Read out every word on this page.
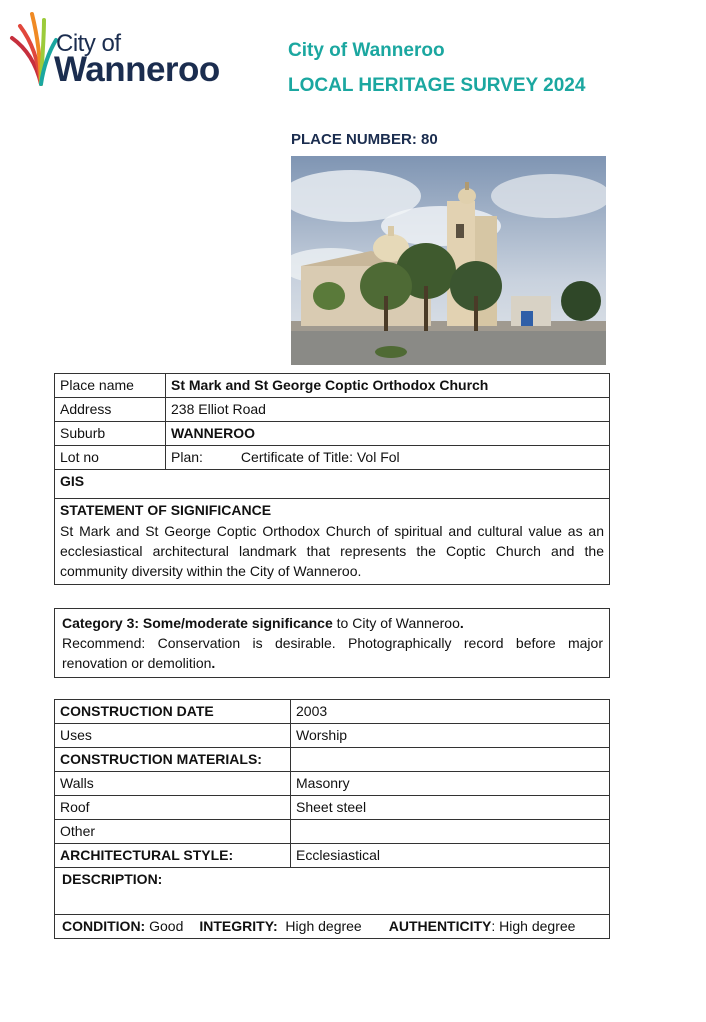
City of
Wanneroo	City of Wanneroo
LOCAL HERITAGE SURVEY 2024
PLACE NUMBER: 80
Place name	St Mark and St George Coptic Orthodox Church
Address	238 Elliot Road
Suburb	WANNEROO
Lot no	Plan: Certificate of Title: Vol Fol
GIS	

STATEMENT OF SIGNIFICANCE
St Mark and St George Coptic Orthodox Church of spiritual and cultural value as an ecclesiastical architectural landmark that represents the Coptic Church and the community diversity within the City of Wanneroo.	
Category 3: Some/moderate significance to City of Wanneroo.
Recommend: Conservation is desirable. Photographically record before major renovation or demolition.
CONSTRUCTION DATE	2003
Uses	Worship
CONSTRUCTION MATERIALS:	
Walls	Masonry
Roof	Sheet steel
Other	
ARCHITECTURAL STYLE:	Ecclesiastical
DESCRIPTION:	
CONDITION: Good INTEGRITY:  High degree AUTHENTICITY: High degree	
